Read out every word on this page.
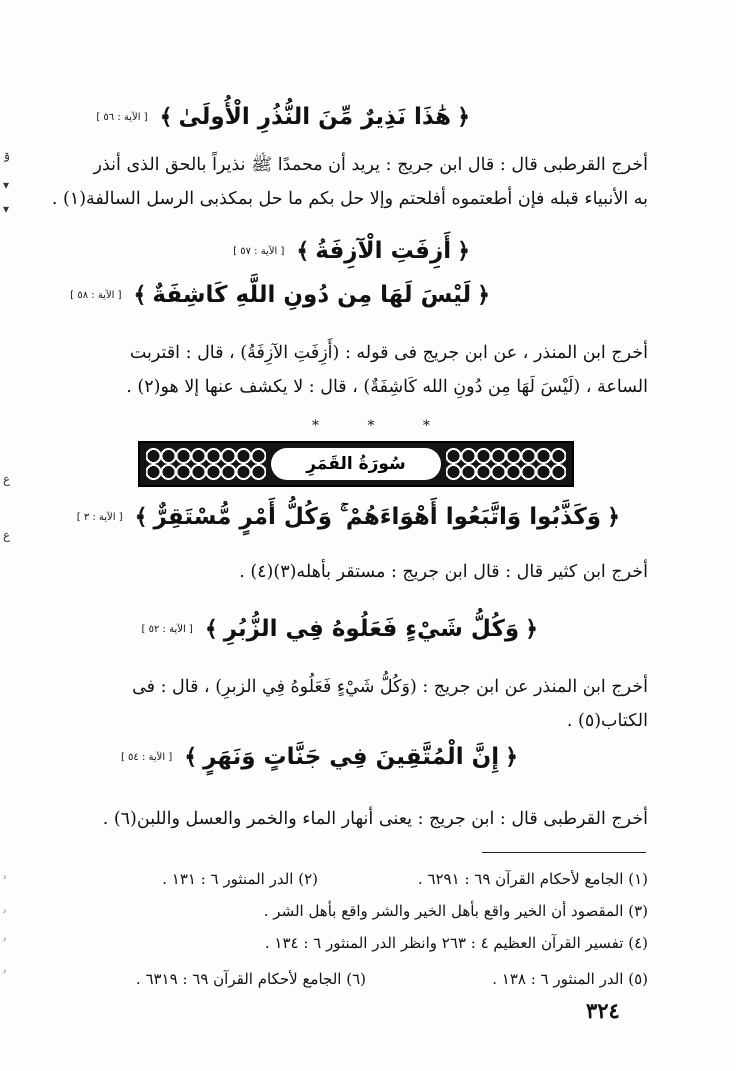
ۊ
▾
▾
ﻉ
ﻉ
ۥ
ۥ
ۥ
ۥ
﴿
هَٰذَا نَذِيرٌ مِّنَ النُّذُرِ الْأُولَىٰ
﴾
[ الآية : ٥٦ ]
أخرج القرطبى قال : قال ابن جريج : يريد أن محمدًا ﷺ نذيراً بالحق الذى أنذر
به الأنبياء قبله فإن أطعتموه أفلحتم وإلا حل بكم ما حل بمكذبى الرسل السالفة(١) .
﴿
أَزِفَتِ الْآزِفَةُ
﴾
[ الآية : ٥٧ ]
﴿
لَيْسَ لَهَا مِن دُونِ اللَّهِ كَاشِفَةٌ
﴾
[ الآية : ٥٨ ]
أخرج ابن المنذر ، عن ابن جريج فى قوله : (أَزِفَتِ الآزِفَةُ) ، قال : اقتربت
الساعة ، (لَيْسَ لَهَا مِن دُونِ الله كَاشِفَةٌ) ، قال : لا يكشف عنها إلا هو(٢) .
* * *
سُورَةُ القَمَرِ
﴿
وَكَذَّبُوا وَاتَّبَعُوا أَهْوَاءَهُمْ ۚ وَكُلُّ أَمْرٍ مُّسْتَقِرٌّ
﴾
[ الآية : ٣ ]
أخرج ابن كثير قال : قال ابن جريج : مستقر بأهله(٣)(٤) .
﴿
وَكُلُّ شَيْءٍ فَعَلُوهُ فِي الزُّبُرِ
﴾
[ الآية : ٥٢ ]
أخرج ابن المنذر عن ابن جريج : (وَكُلُّ شَيْءٍ فَعَلُوهُ فِي الزبرِ) ، قال : فى
الكتاب(٥) .
﴿
إِنَّ الْمُتَّقِينَ فِي جَنَّاتٍ وَنَهَرٍ
﴾
[ الآية : ٥٤ ]
أخرج القرطبى قال : ابن جريج : يعنى أنهار الماء والخمر والعسل واللبن(٦) .
(١) الجامع لأحكام القرآن ٦٩ : ٦٢٩١ .
(٢) الدر المنثور ٦ : ١٣١ .
(٣) المقصود أن الخير واقع بأهل الخير والشر واقع بأهل الشر .
(٤) تفسير القرآن العظيم ٤ : ٢٦٣ وانظر الدر المنثور ٦ : ١٣٤ .
(٥) الدر المنثور ٦ : ١٣٨ .
(٦) الجامع لأحكام القرآن ٦٩ : ٦٣١٩ .
٣٢٤
